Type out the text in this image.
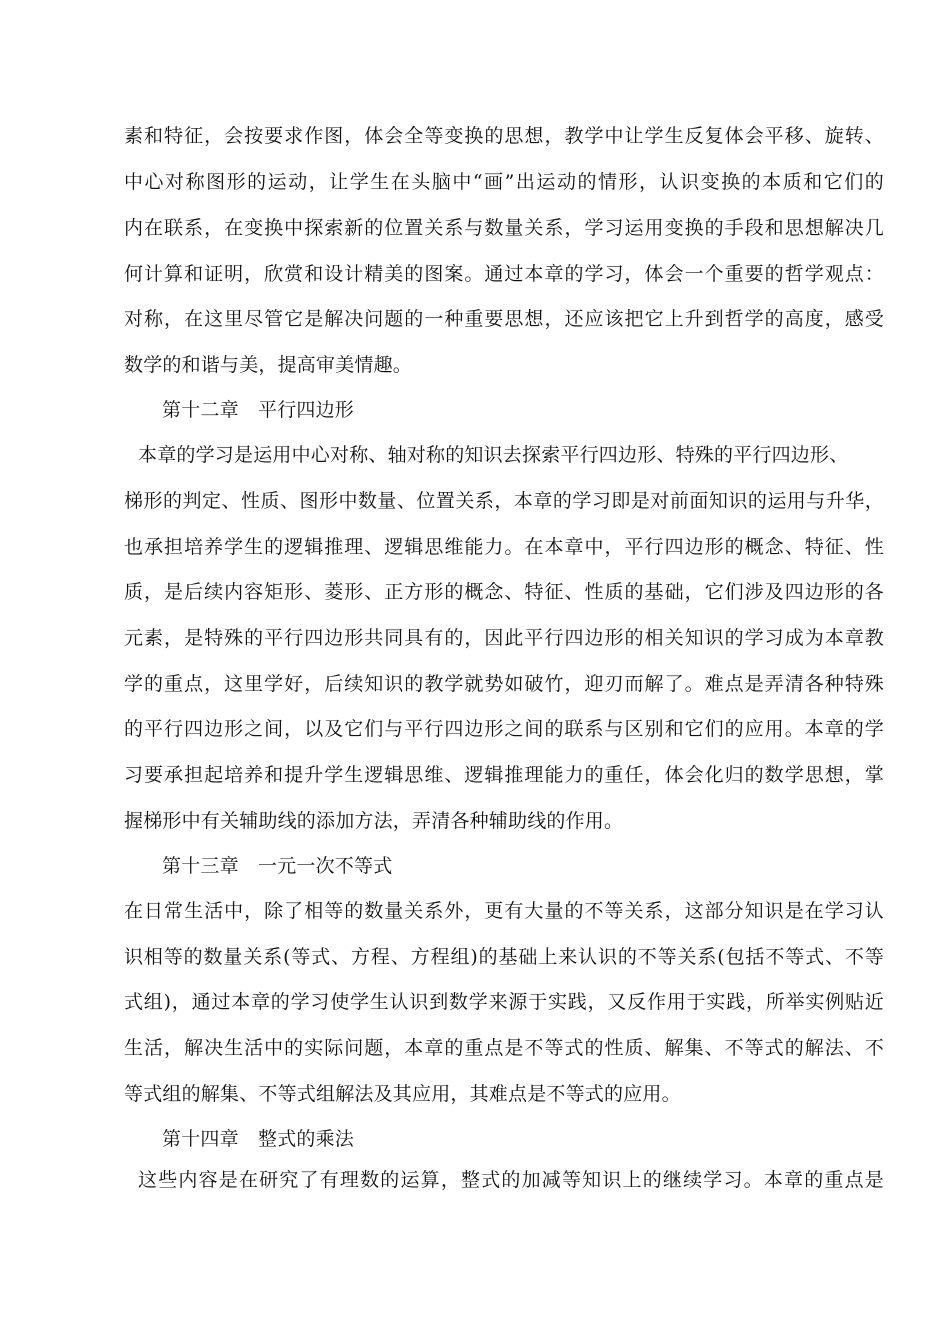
素和特征，会按要求作图，体会全等变换的思想，教学中让学生反复体会平移、旋转、
中心对称图形的运动，让学生在头脑中“画”出运动的情形，认识变换的本质和它们的
内在联系，在变换中探索新的位置关系与数量关系，学习运用变换的手段和思想解决几
何计算和证明，欣赏和设计精美的图案。通过本章的学习，体会一个重要的哲学观点：
对称，在这里尽管它是解决问题的一种重要思想，还应该把它上升到哲学的高度，感受
数学的和谐与美，提高审美情趣。
第十二章　平行四边形
本章的学习是运用中心对称、轴对称的知识去探索平行四边形、特殊的平行四边形、
梯形的判定、性质、图形中数量、位置关系，本章的学习即是对前面知识的运用与升华，
也承担培养学生的逻辑推理、逻辑思维能力。在本章中，平行四边形的概念、特征、性
质，是后续内容矩形、菱形、正方形的概念、特征、性质的基础，它们涉及四边形的各
元素，是特殊的平行四边形共同具有的，因此平行四边形的相关知识的学习成为本章教
学的重点，这里学好，后续知识的教学就势如破竹，迎刃而解了。难点是弄清各种特殊
的平行四边形之间，以及它们与平行四边形之间的联系与区别和它们的应用。本章的学
习要承担起培养和提升学生逻辑思维、逻辑推理能力的重任，体会化归的数学思想，掌
握梯形中有关辅助线的添加方法，弄清各种辅助线的作用。
第十三章　一元一次不等式
在日常生活中，除了相等的数量关系外，更有大量的不等关系，这部分知识是在学习认
识相等的数量关系(等式、方程、方程组)的基础上来认识的不等关系(包括不等式、不等
式组)，通过本章的学习使学生认识到数学来源于实践，又反作用于实践，所举实例贴近
生活，解决生活中的实际问题，本章的重点是不等式的性质、解集、不等式的解法、不
等式组的解集、不等式组解法及其应用，其难点是不等式的应用。
第十四章　整式的乘法
这些内容是在研究了有理数的运算，整式的加减等知识上的继续学习。本章的重点是
